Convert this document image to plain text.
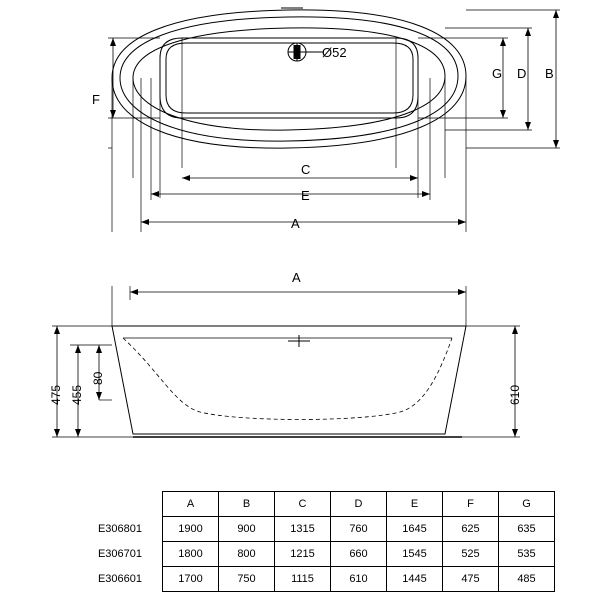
Ø52
A
E
C
B
D
G
F
A
475 455
80
610
	A	B	C	D	E	F	G
E306801	1900	900	1315	760	1645	625	635
E306701	1800	800	1215	660	1545	525	535
E306601	1700	750	1115	610	1445	475	485
